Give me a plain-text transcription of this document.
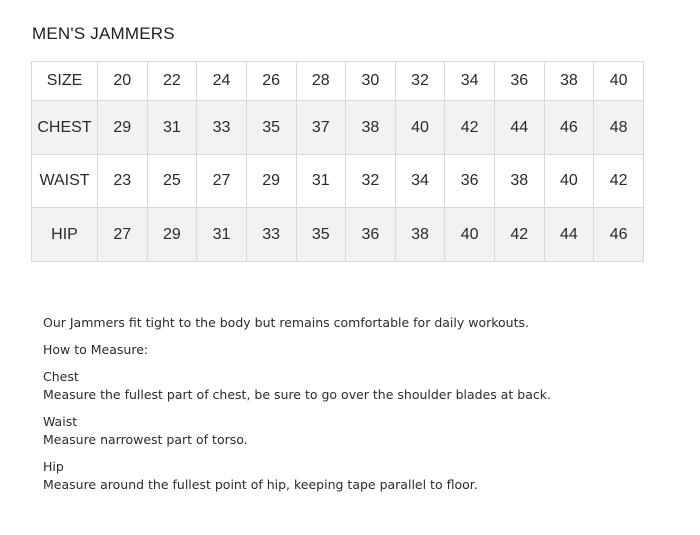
MEN'S JAMMERS
SIZE	20	22	24	26	28	30	32	34	36	38	40
CHEST	29	31	33	35	37	38	40	42	44	46	48
WAIST	23	25	27	29	31	32	34	36	38	40	42
HIP	27	29	31	33	35	36	38	40	42	44	46

Our Jammers fit tight to the body but remains comfortable for daily workouts.

How to Measure:

Chest

Measure the fullest part of chest, be sure to go over the shoulder blades at back.

Waist

Measure narrowest part of torso.

Hip

Measure around the fullest point of hip, keeping tape parallel to floor.
